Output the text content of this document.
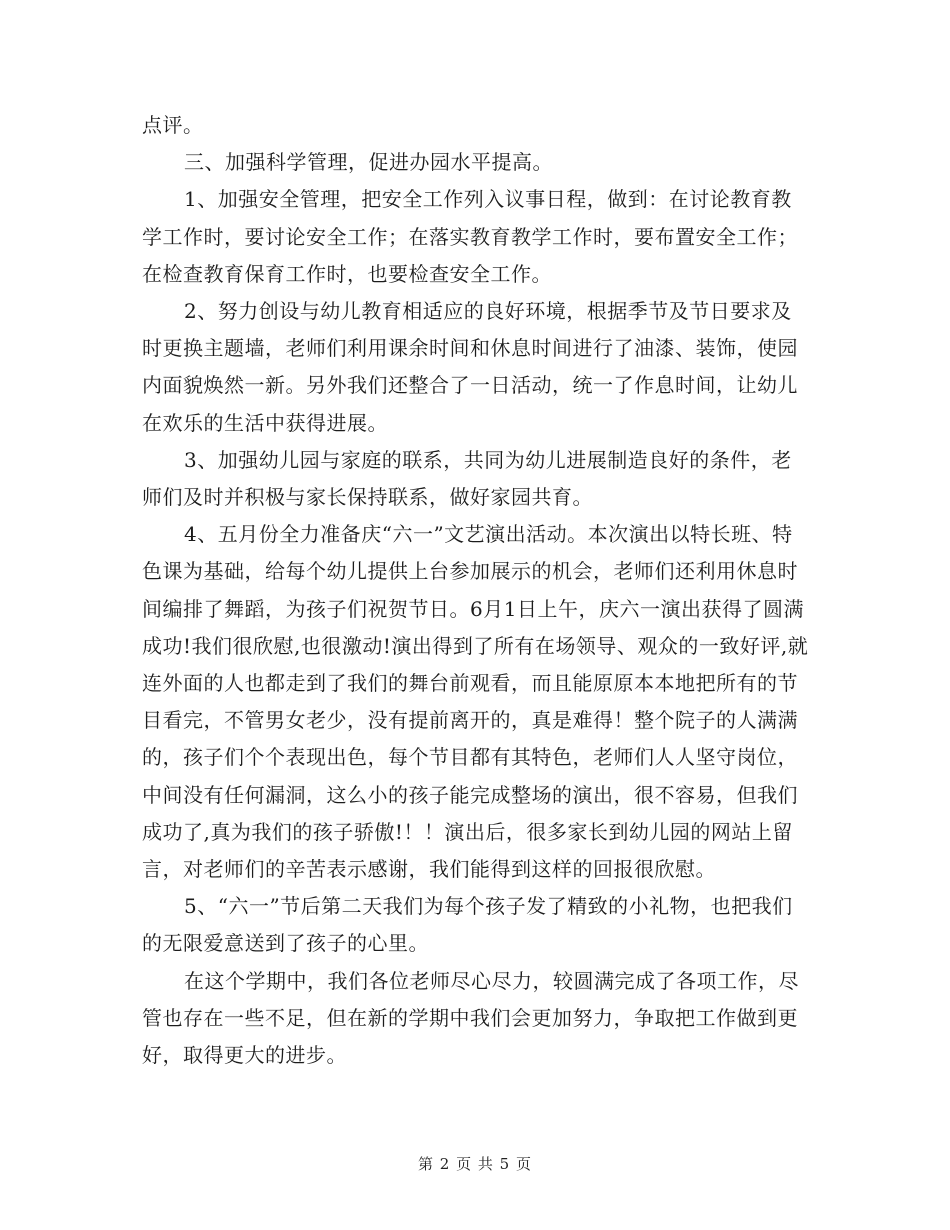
点评。

三、加强科学管理，促进办园水平提高。

1、加强安全管理，把安全工作列入议事日程，做到：在讨论教育教学工作时，要讨论安全工作；在落实教育教学工作时，要布置安全工作；在检查教育保育工作时，也要检查安全工作。

2、努力创设与幼儿教育相适应的良好环境，根据季节及节日要求及时更换主题墙，老师们利用课余时间和休息时间进行了油漆、装饰，使园内面貌焕然一新。另外我们还整合了一日活动，统一了作息时间，让幼儿在欢乐的生活中获得进展。

3、加强幼儿园与家庭的联系，共同为幼儿进展制造良好的条件，老师们及时并积极与家长保持联系，做好家园共育。

4、五月份全力准备庆“六一”文艺演出活动。本次演出以特长班、特色课为基础，给每个幼儿提供上台参加展示的机会，老师们还利用休息时间编排了舞蹈，为孩子们祝贺节日。6月1日上午，庆六一演出获得了圆满成功!我们很欣慰,也很激动!演出得到了所有在场领导、观众的一致好评,就连外面的人也都走到了我们的舞台前观看，而且能原原本本地把所有的节目看完，不管男女老少，没有提前离开的，真是难得！整个院子的人满满的，孩子们个个表现出色，每个节目都有其特色，老师们人人坚守岗位，中间没有任何漏洞，这么小的孩子能完成整场的演出，很不容易，但我们成功了,真为我们的孩子骄傲!！！演出后，很多家长到幼儿园的网站上留言，对老师们的辛苦表示感谢，我们能得到这样的回报很欣慰。

5、“六一”节后第二天我们为每个孩子发了精致的小礼物，也把我们的无限爱意送到了孩子的心里。

在这个学期中，我们各位老师尽心尽力，较圆满完成了各项工作，尽管也存在一些不足，但在新的学期中我们会更加努力，争取把工作做到更好，取得更大的进步。

第 2 页 共 5 页
